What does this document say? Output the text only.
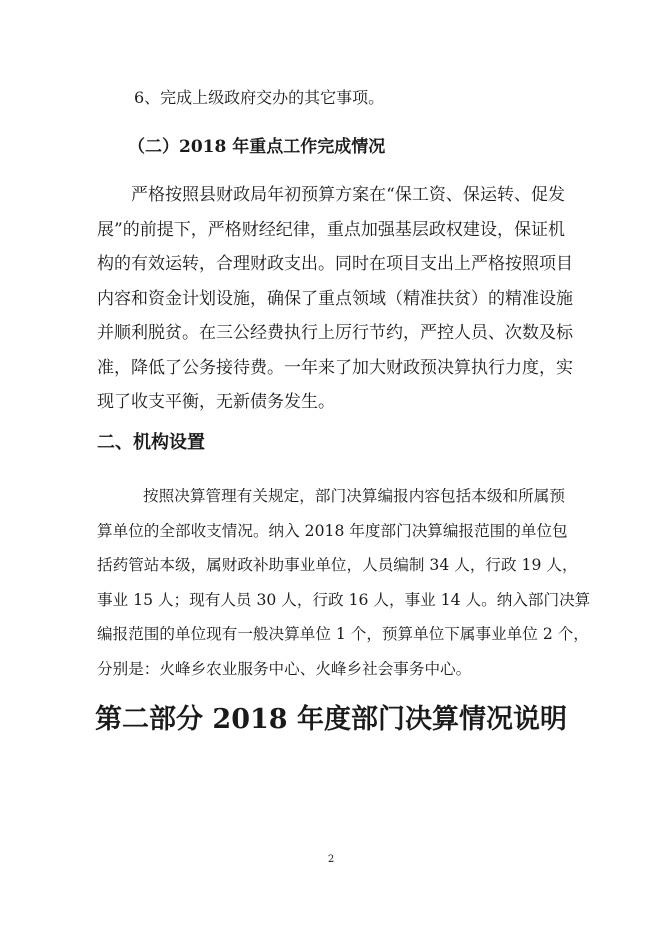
6、完成上级政府交办的其它事项。
（二）2018 年重点工作完成情况
严格按照县财政局年初预算方案在“保工资、保运转、促发
展”的前提下，严格财经纪律，重点加强基层政权建设，保证机
构的有效运转，合理财政支出。同时在项目支出上严格按照项目
内容和资金计划设施，确保了重点领域（精准扶贫）的精准设施
并顺利脱贫。在三公经费执行上厉行节约，严控人员、次数及标
准，降低了公务接待费。一年来了加大财政预决算执行力度，实
现了收支平衡，无新债务发生。
二、机构设置
按照决算管理有关规定，部门决算编报内容包括本级和所属预
算单位的全部收支情况。纳入 2018 年度部门决算编报范围的单位包
括药管站本级，属财政补助事业单位，人员编制 34 人，行政 19 人，
事业 15 人；现有人员 30 人，行政 16 人，事业 14 人。纳入部门决算
编报范围的单位现有一般决算单位 1 个，预算单位下属事业单位 2 个，
分别是：火峰乡农业服务中心、火峰乡社会事务中心。
第二部分 2018 年度部门决算情况说明
2
